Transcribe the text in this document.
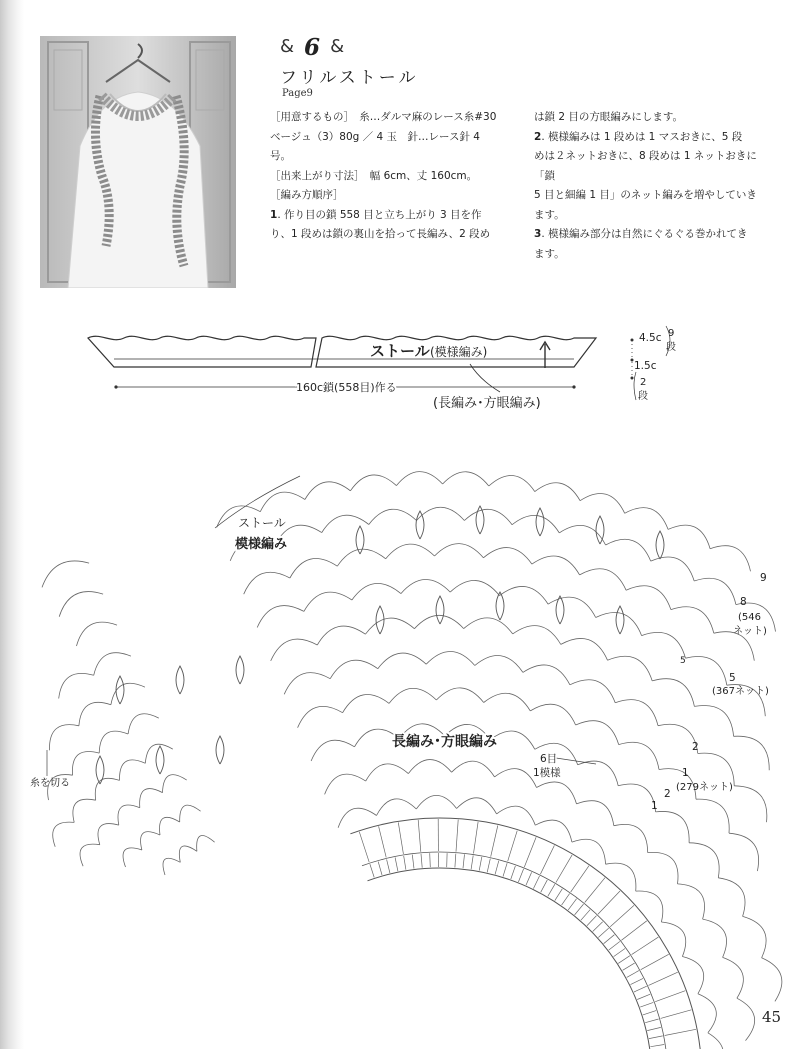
& 6 &
フリルストール
Page9

［用意するもの］　 糸…ダルマ麻のレース糸#30

ベージュ（3）80g ／ 4 玉　針…レース針 4

号。

［出来上がり寸法］　 幅 6cm、丈 160cm。

［編み方順序］

1. 作り目の鎖 558 目と立ち上がり 3 目を作

り、1 段めは鎖の裏山を拾って長編み、2 段め

は鎖 2 目の方眼編みにします。

2. 模様編みは 1 段めは 1 マスおきに、5 段

めは２ネットおきに、8 段めは 1 ネットおきに「鎖

5 目と細編 1 目」のネット編みを増やしていき

ます。

3. 模様編み部分は自然にぐるぐる巻かれてき

ます。

ストール (模様編み)
160c鎖(558目)作る
(長編み･方眼編み)
4.5c 9
段
1.5c
2
段
ストール
模様編み
長編み･方眼編み
6目
1模様
糸を切る
9
8
(546
ネット)
5
(367ネット)
5
2
1
(279ネット)
2
1
45
